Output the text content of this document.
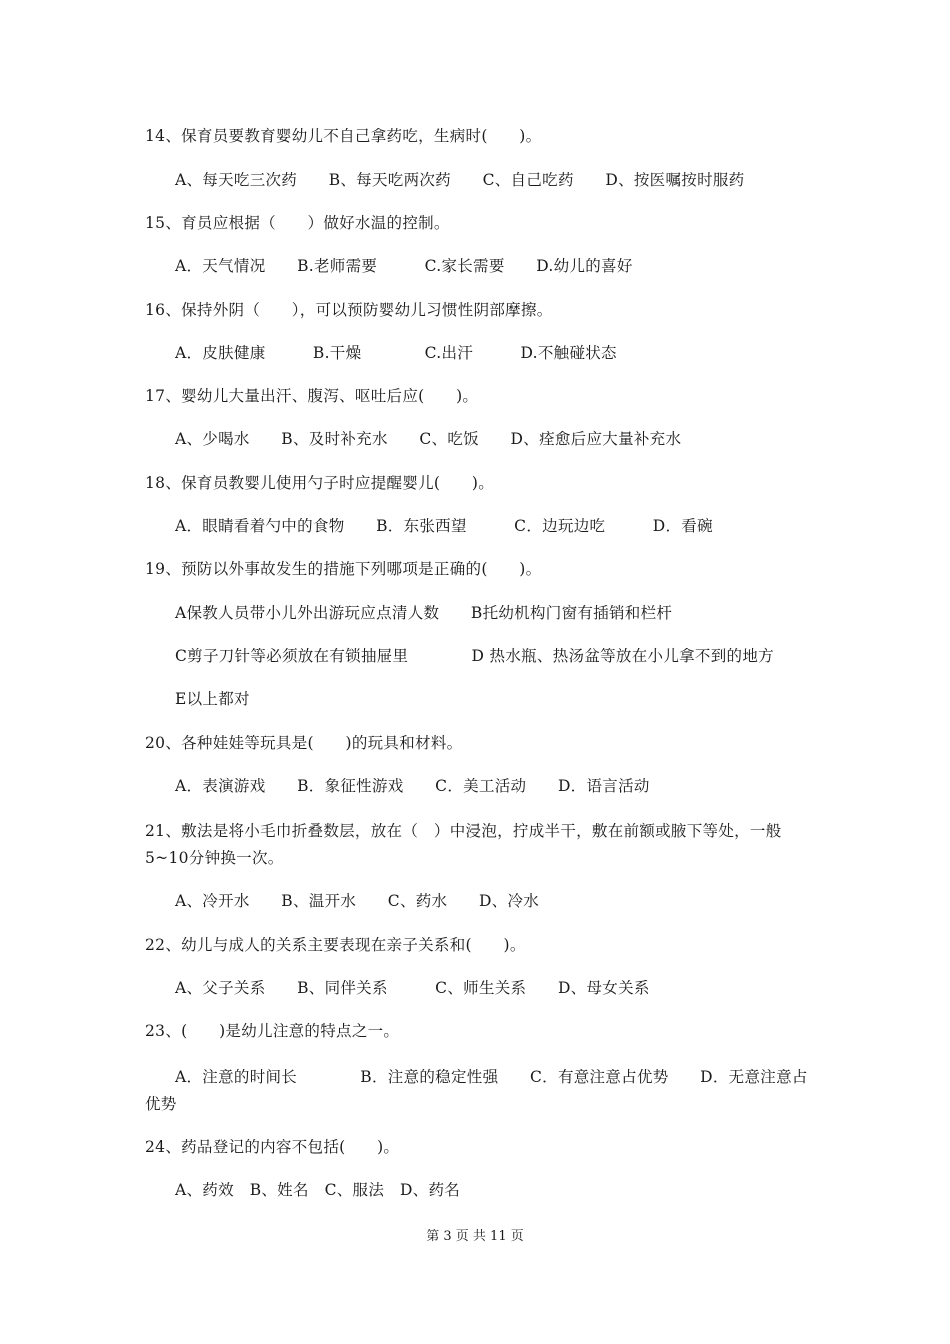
14、保育员要教育婴幼儿不自己拿药吃，生病时(　　)。
A、每天吃三次药　　B、每天吃两次药　　C、自己吃药　　D、按医嘱按时服药
15、育员应根据（　　）做好水温的控制。
A．天气情况　　B.老师需要　　　C.家长需要　　D.幼儿的喜好
16、保持外阴（　　），可以预防婴幼儿习惯性阴部摩擦。
A．皮肤健康　　　B.干燥　　　　C.出汗　　　D.不触碰状态
17、婴幼儿大量出汗、腹泻、呕吐后应(　　)。
A、少喝水　　B、及时补充水　　C、吃饭　　D、痊愈后应大量补充水
18、保育员教婴儿使用勺子时应提醒婴儿(　　)。
A．眼睛看着勺中的食物　　B．东张西望　　　C．边玩边吃　　　D．看碗
19、预防以外事故发生的措施下列哪项是正确的(　　)。
A保教人员带小儿外出游玩应点清人数　　B托幼机构门窗有插销和栏杆
C剪子刀针等必须放在有锁抽屉里　　　　D 热水瓶、热汤盆等放在小儿拿不到的地方
E以上都对
20、各种娃娃等玩具是(　　)的玩具和材料。
A．表演游戏　　B．象征性游戏　　C．美工活动　　D．语言活动
21、敷法是将小毛巾折叠数层，放在（　）中浸泡，拧成半干，敷在前额或腋下等处，一般5~10分钟换一次。
A、冷开水　　B、温开水　　C、药水　　D、冷水
22、幼儿与成人的关系主要表现在亲子关系和(　　)。
A、父子关系　　B、同伴关系　　　C、师生关系　　D、母女关系
23、(　　)是幼儿注意的特点之一。
A．注意的时间长　　　　B．注意的稳定性强　　C．有意注意占优势　　D．无意注意占优势
24、药品登记的内容不包括(　　)。
A、药效　B、姓名　C、服法　D、药名
第 3 页 共 11 页
